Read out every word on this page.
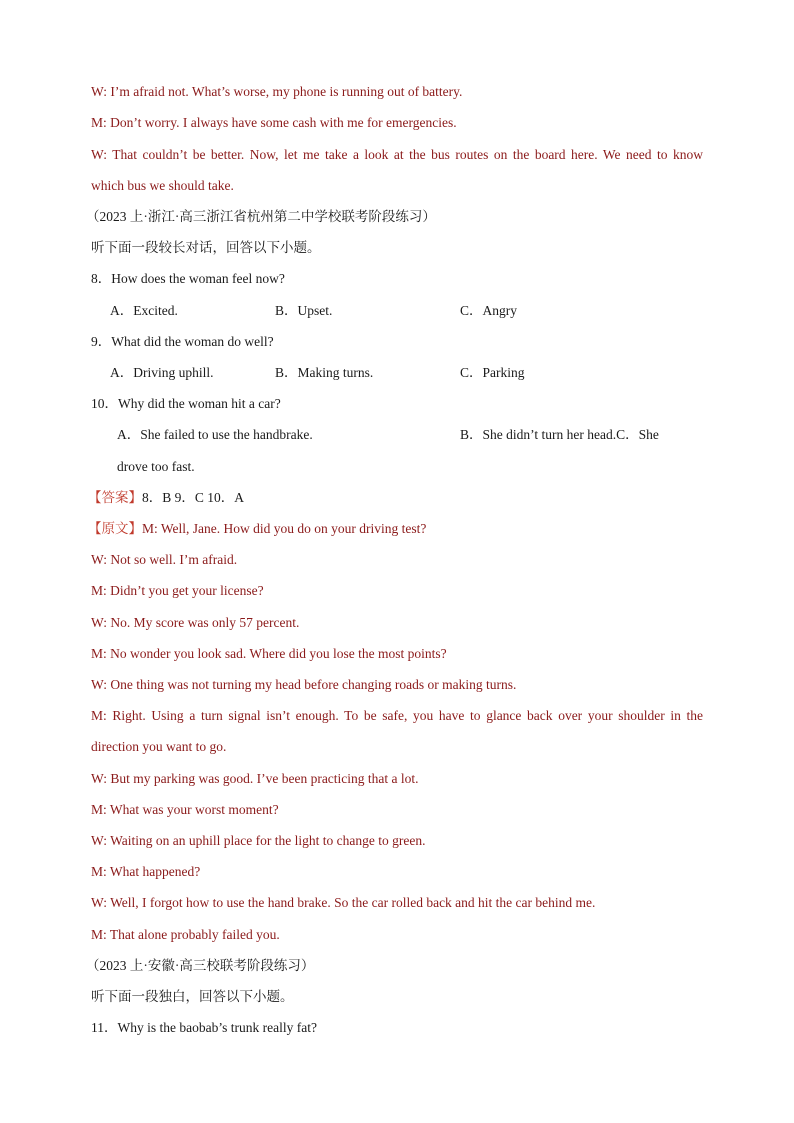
W: I’m afraid not. What’s worse, my phone is running out of battery.
M: Don’t worry. I always have some cash with me for emergencies.
W: That couldn’t be better. Now, let me take a look at the bus routes on the board here. We need to know
which bus we should take.
（2023 上·浙江·高三浙江省杭州第二中学校联考阶段练习）
听下面一段较长对话，回答以下小题。
8．How does the woman feel now?
A．Excited.	B．Upset.	C．Angry
9．What did the woman do well?
A．Driving uphill.	B．Making turns.	C．Parking
10．Why did the woman hit a car?
A．She failed to use the handbrake.	B．She didn’t turn her head.C．She
drove too fast.
【答案】8．B 9．C 10．A
【原文】M: Well, Jane. How did you do on your driving test?
W: Not so well. I’m afraid.
M: Didn’t you get your license?
W: No. My score was only 57 percent.
M: No wonder you look sad. Where did you lose the most points?
W: One thing was not turning my head before changing roads or making turns.
M: Right. Using a turn signal isn’t enough. To be safe, you have to glance back over your shoulder in the
direction you want to go.
W: But my parking was good. I’ve been practicing that a lot.
M: What was your worst moment?
W: Waiting on an uphill place for the light to change to green.
M: What happened?
W: Well, I forgot how to use the hand brake. So the car rolled back and hit the car behind me.
M: That alone probably failed you.
（2023 上·安徽·高三校联考阶段练习）
听下面一段独白，回答以下小题。
11．Why is the baobab’s trunk really fat?
